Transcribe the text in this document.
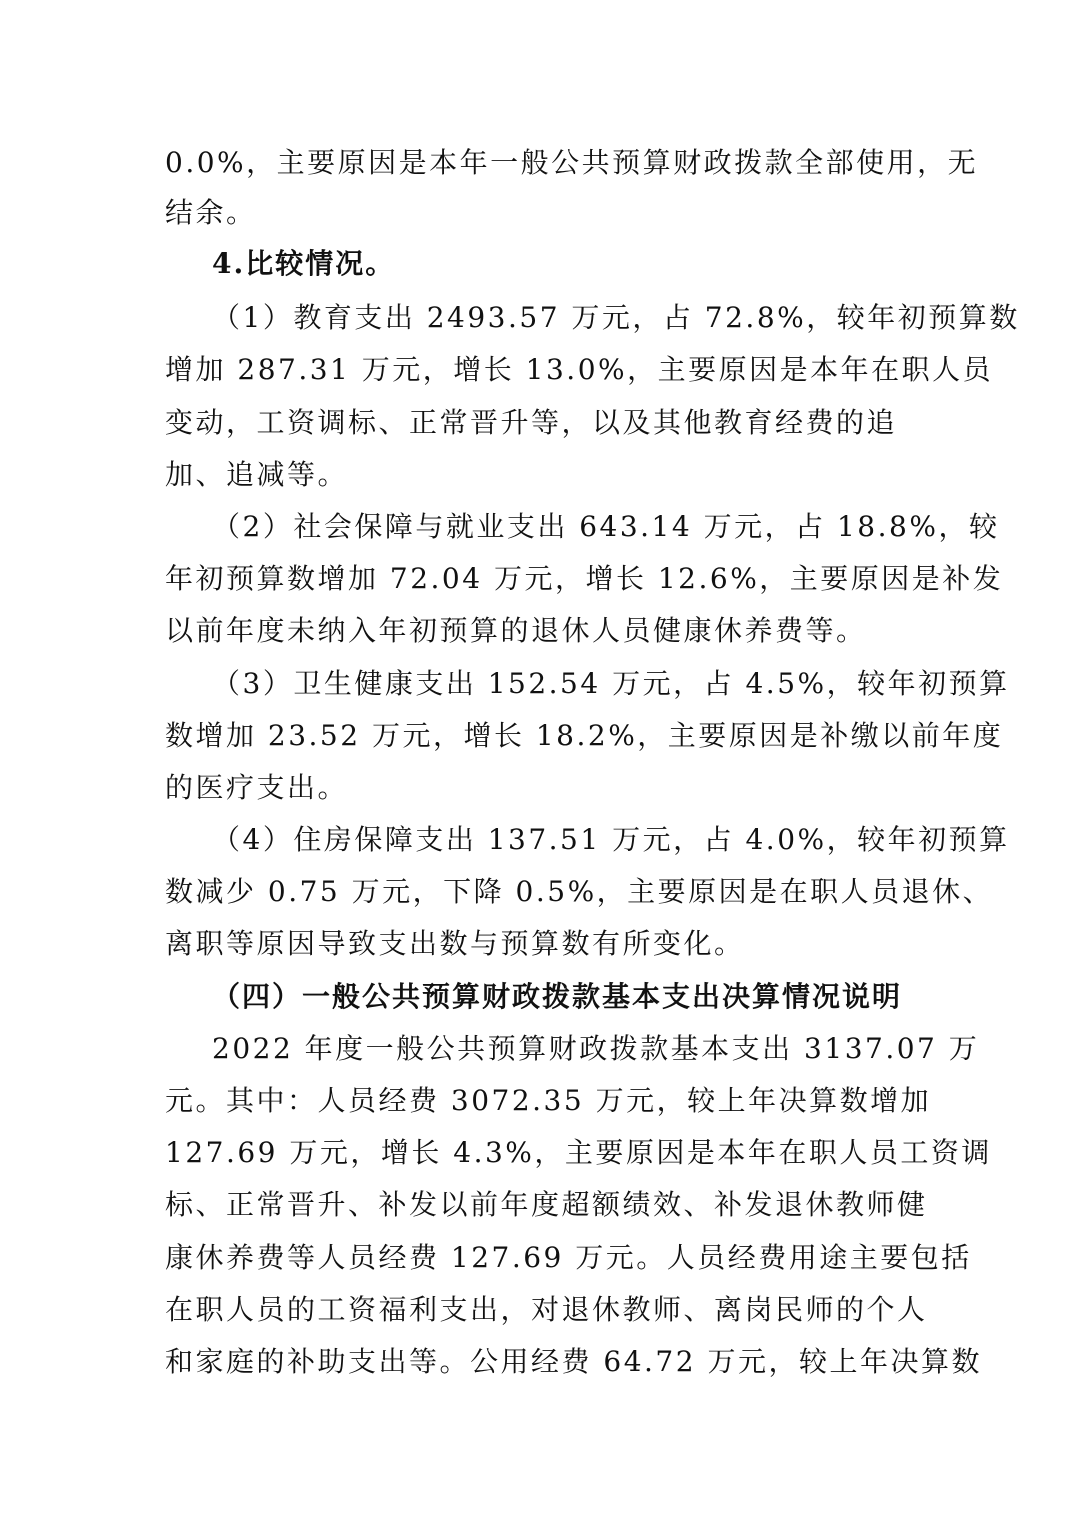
0.0%，主要原因是本年一般公共预算财政拨款全部使用，无
结余。
4.比较情况。
（1）教育支出 2493.57 万元，占 72.8%，较年初预算数
增加 287.31 万元，增长 13.0%，主要原因是本年在职人员
变动，工资调标、正常晋升等，以及其他教育经费的追
加、追减等。
（2）社会保障与就业支出 643.14 万元，占 18.8%，较
年初预算数增加 72.04 万元，增长 12.6%，主要原因是补发
以前年度未纳入年初预算的退休人员健康休养费等。
（3）卫生健康支出 152.54 万元，占 4.5%，较年初预算
数增加 23.52 万元，增长 18.2%，主要原因是补缴以前年度
的医疗支出。
（4）住房保障支出 137.51 万元，占 4.0%，较年初预算
数减少 0.75 万元，下降 0.5%，主要原因是在职人员退休、
离职等原因导致支出数与预算数有所变化。
（四）一般公共预算财政拨款基本支出决算情况说明
2022 年度一般公共预算财政拨款基本支出 3137.07 万
元。其中：人员经费 3072.35 万元，较上年决算数增加
127.69 万元，增长 4.3%，主要原因是本年在职人员工资调
标、正常晋升、补发以前年度超额绩效、补发退休教师健
康休养费等人员经费 127.69 万元。人员经费用途主要包括
在职人员的工资福利支出，对退休教师、离岗民师的个人
和家庭的补助支出等。公用经费 64.72 万元，较上年决算数
